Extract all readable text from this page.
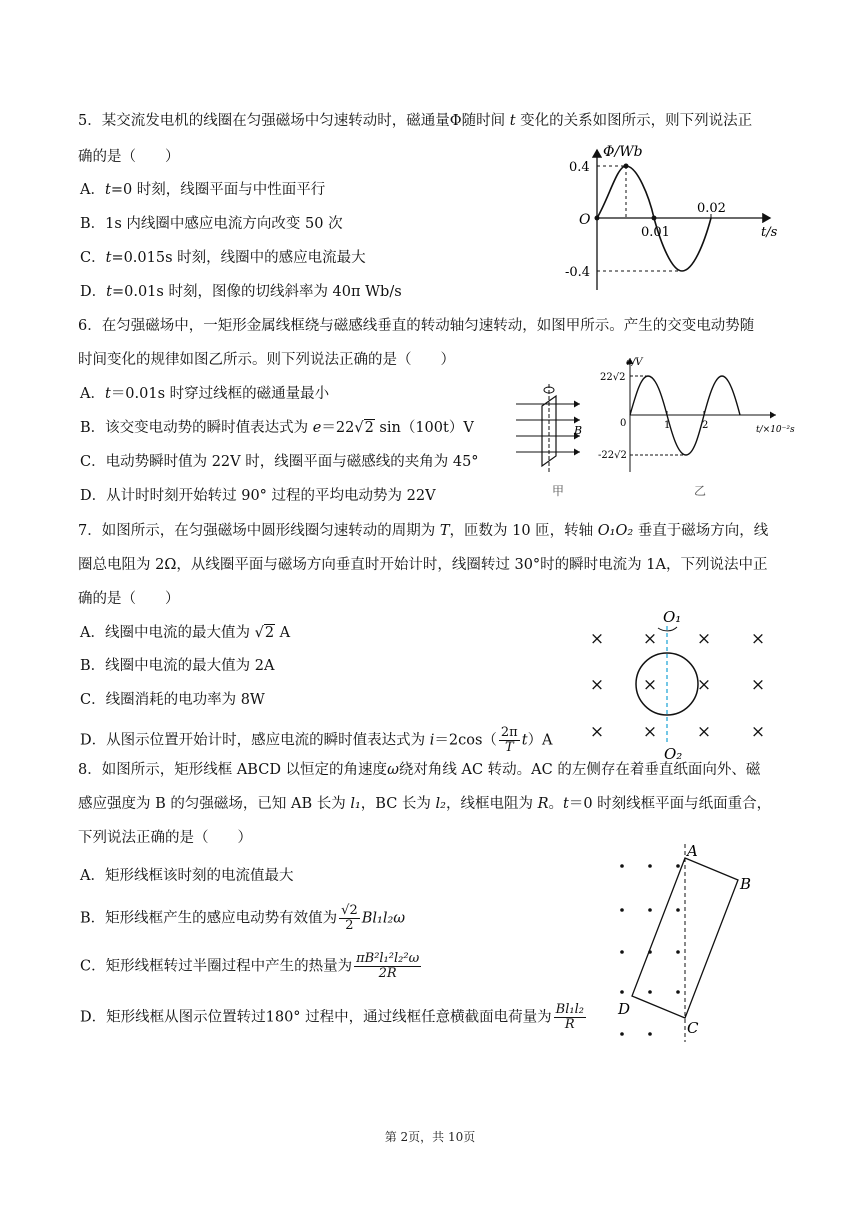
5．某交流发电机的线圈在匀强磁场中匀速转动时，磁通量Φ随时间 t 变化的关系如图所示，则下列说法正
确的是（　　）
A．t=0 时刻，线圈平面与中性面平行
B．1s 内线圈中感应电流方向改变 50 次
C．t=0.015s 时刻，线圈中的感应电流最大
D．t=0.01s 时刻，图像的切线斜率为 40π Wb/s
Φ/Wb
0.4
O
0.01
0.02
t/s
-0.4
6．在匀强磁场中，一矩形金属线框绕与磁感线垂直的转动轴匀速转动，如图甲所示。产生的交变电动势随
时间变化的规律如图乙所示。则下列说法正确的是（　　）
A．t＝0.01s 时穿过线框的磁通量最小
B．该交变电动势的瞬时值表达式为 e＝22√2 sin（100t）V
C．电动势瞬时值为 22V 时，线圈平面与磁感线的夹角为 45°
D．从计时时刻开始转过 90° 过程的平均电动势为 22V
B
甲
e/V
22√2
0	1	2	t/×10⁻²s
-22√2
乙
7．如图所示，在匀强磁场中圆形线圈匀速转动的周期为 T，匝数为 10 匝，转轴 O₁O₂ 垂直于磁场方向，线
圈总电阻为 2Ω，从线圈平面与磁场方向垂直时开始计时，线圈转过 30°时的瞬时电流为 1A，下列说法中正
确的是（　　）
A．线圈中电流的最大值为 √2 A
B．线圈中电流的最大值为 2A
C．线圈消耗的电功率为 8W
D．从图示位置开始计时，感应电流的瞬时值表达式为 $i=2\cos( \frac{2\pi}{T} t)A$
× × × ×
× × × ×
× × × ×
O₁
O₂
8．如图所示，矩形线框 ABCD 以恒定的角速度ω绕对角线 AC 转动。AC 的左侧存在着垂直纸面向外、磁
感应强度为 B 的匀强磁场，已知 AB 长为 l₁，BC 长为 l₂，线框电阻为 R。t＝0 时刻线框平面与纸面重合，
下列说法正确的是（　　）
A．矩形线框该时刻的电流值最大
B．矩形线框产生的感应电动势有效值为 $\frac{√2}{2} Bl_1l_2\omega$
C．矩形线框转过半圈过程中产生的热量为 $\frac{\text{πB²l₁²l₂²ω}}{2R}$
D．矩形线框从图示位置转过180° 过程中，通过线框任意横截面电荷量为 $\frac{\text{Bl₁l₂}}{R}$
A
B
C
D
第 2页，共 10页
